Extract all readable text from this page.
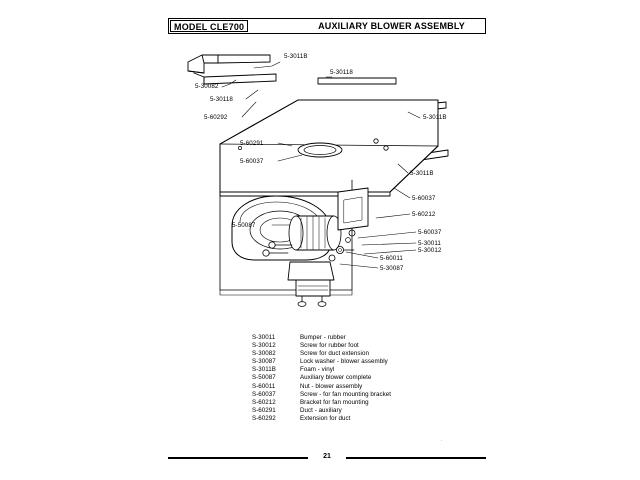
MODEL CLE700	AUXILIARY BLOWER ASSEMBLY
5-3011B
5-30118
5-30082
5-30118
5-3011B
5-60292
5-60291
5-60037
5-3011B
5-60037
5-60212
5-50087
5-60037
5-30011
5-30012
5-60011
5-30087
S-30011	Bumper - rubber
S-30012	Screw for rubber foot
S-30082	Screw for duct extension
S-30087	Lock washer - blower assembly
S-3011B	Foam - vinyl
S-50087	Auxiliary blower complete
S-60011	Nut - blower assembly
S-60037	Screw - for fan mounting bracket
S-60212	Bracket for fan mounting
S-60291	Duct - auxiliary
S-60292	Extension for duct
.
21
